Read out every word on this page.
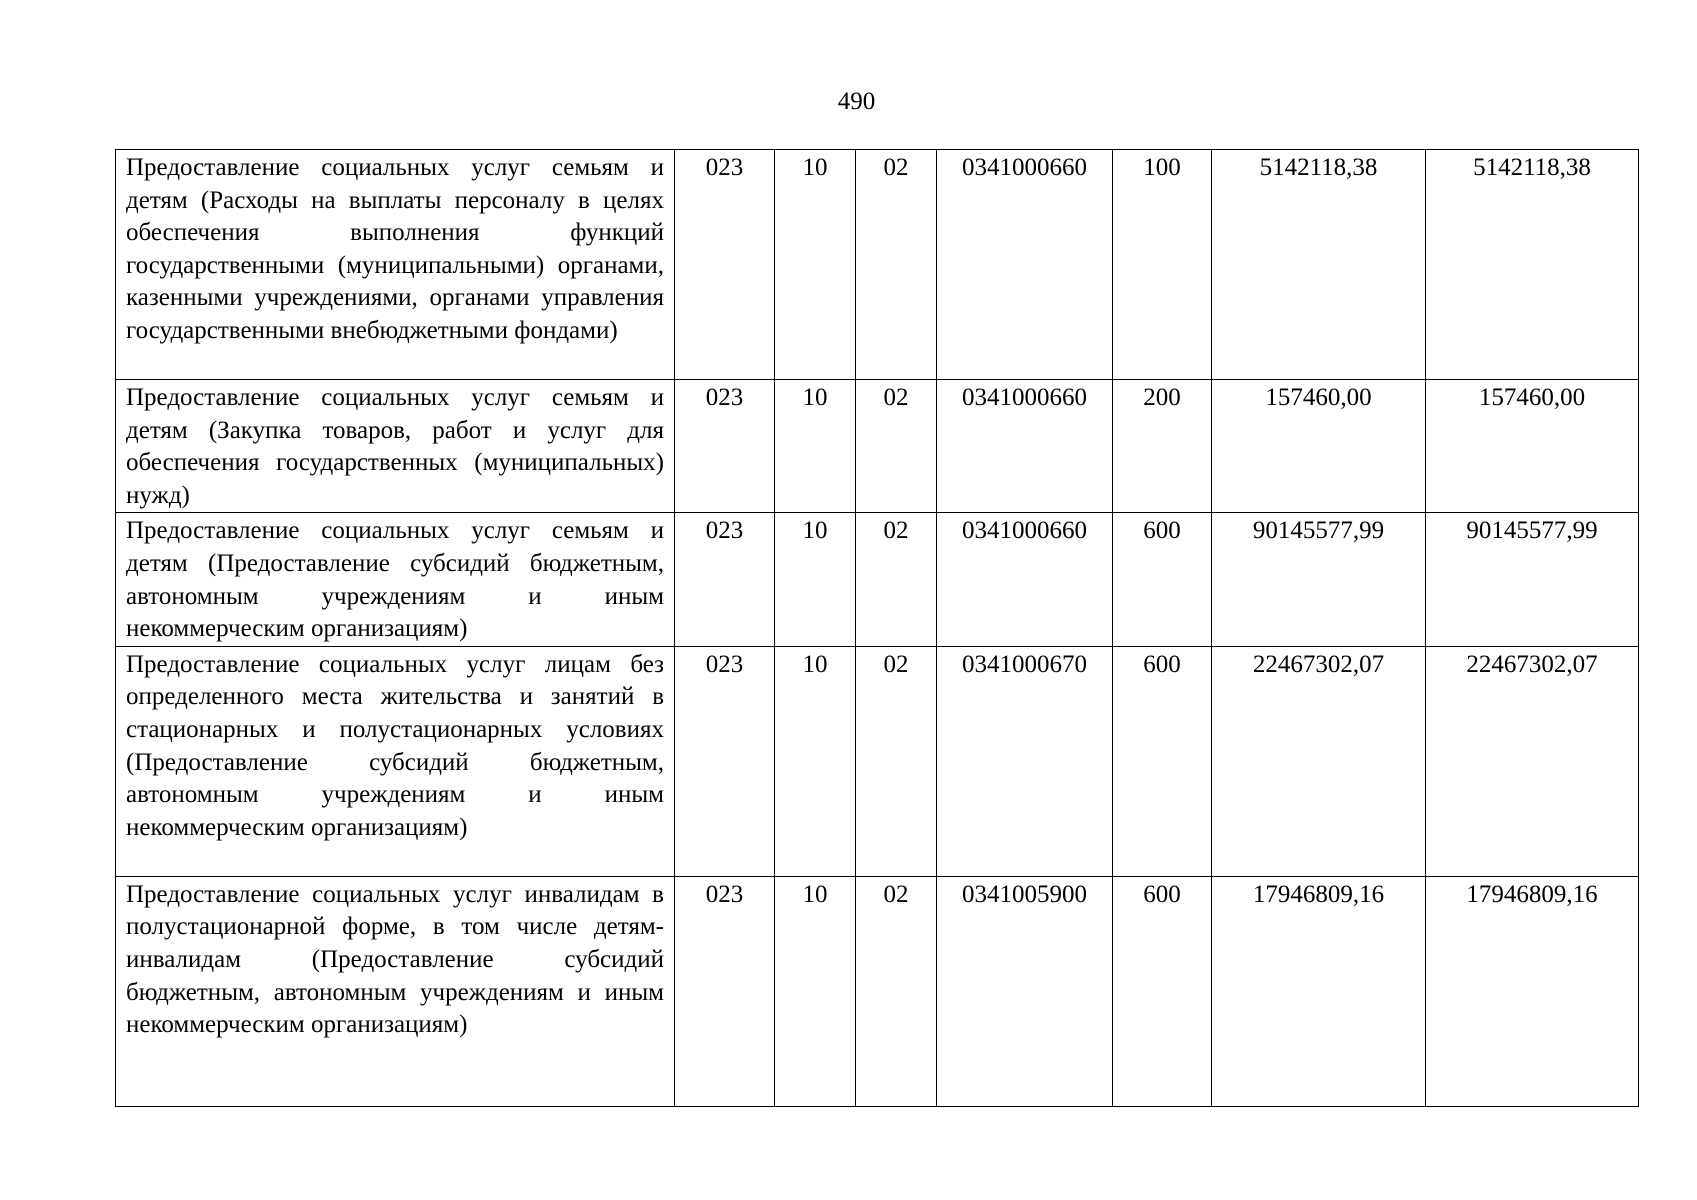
490
Предоставление социальных услуг семьям и детям (Расходы на выплаты персоналу в целях обеспечения выполнения функций государственными (муниципальными) органами, казенными учреждениями, органами управления государственными внебюджетными фондами)	023	10	02	0341000660	100	5142118,38	5142118,38
Предоставление социальных услуг семьям и детям (Закупка товаров, работ и услуг для обеспечения государственных (муниципальных) нужд)	023	10	02	0341000660	200	157460,00	157460,00
Предоставление социальных услуг семьям и детям (Предоставление субсидий бюджетным, автономным учреждениям и иным некоммерческим организациям)	023	10	02	0341000660	600	90145577,99	90145577,99
Предоставление социальных услуг лицам без определенного места жительства и занятий в стационарных и полустационарных условиях (Предоставление субсидий бюджетным, автономным учреждениям и иным некоммерческим организациям)	023	10	02	0341000670	600	22467302,07	22467302,07
Предоставление социальных услуг инвалидам в полустационарной форме, в том числе детям-инвалидам (Предоставление субсидий бюджетным, автономным учреждениям и иным некоммерческим организациям)	023	10	02	0341005900	600	17946809,16	17946809,16
